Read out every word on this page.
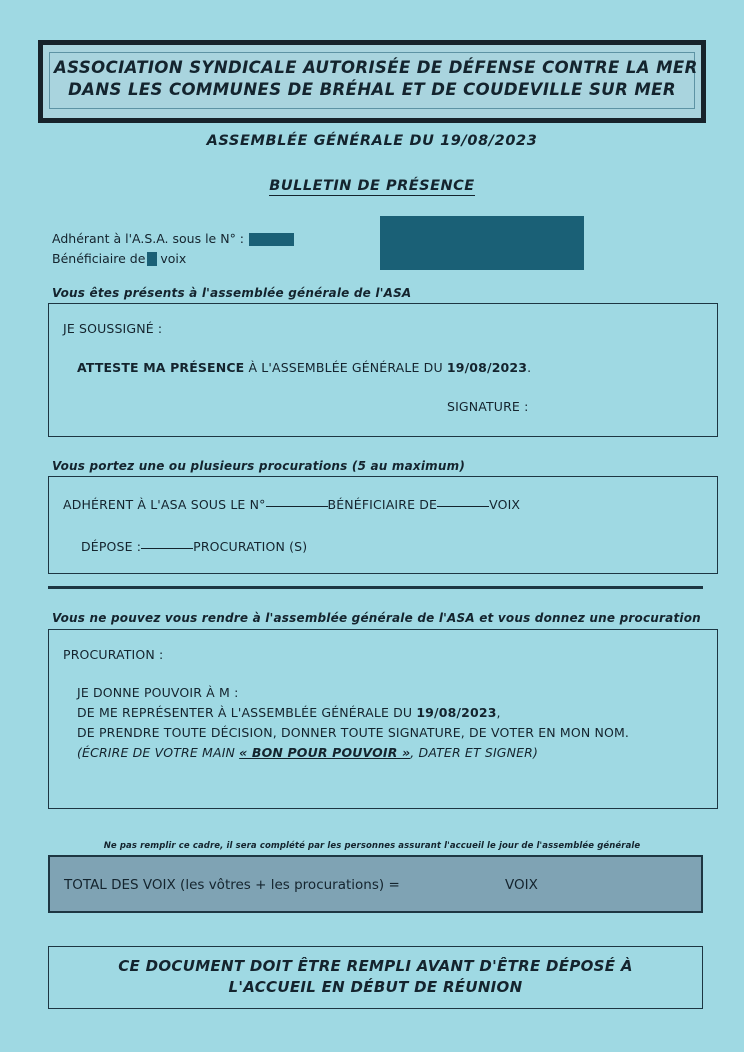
ASSOCIATION SYNDICALE AUTORISÉE DE DÉFENSE CONTRE LA MER
DANS LES COMMUNES DE BRÉHAL ET DE COUDEVILLE SUR MER
ASSEMBLÉE GÉNÉRALE DU 19/08/2023
BULLETIN DE PRÉSENCE
Adhérant à l'A.S.A. sous le N° :
Bénéficiaire de voix
Vous êtes présents à l'assemblée générale de l'ASA
JE SOUSSIGNÉ :
ATTESTE MA PRÉSENCE À L'ASSEMBLÉE GÉNÉRALE DU 19/08/2023.
SIGNATURE :
Vous portez une ou plusieurs procurations (5 au maximum)
ADHÉRENT À L'ASA SOUS LE N°	BÉNÉFICIAIRE DE	VOIX
DÉPOSE :	PROCURATION (S)
Vous ne pouvez vous rendre à l'assemblée générale de l'ASA et vous donnez une procuration
PROCURATION :
JE DONNE POUVOIR À M :
DE ME REPRÉSENTER À L'ASSEMBLÉE GÉNÉRALE DU 19/08/2023,
DE PRENDRE TOUTE DÉCISION, DONNER TOUTE SIGNATURE, DE VOTER EN MON NOM.
(ÉCRIRE DE VOTRE MAIN « BON POUR POUVOIR », DATER ET SIGNER)
Ne pas remplir ce cadre, il sera complété par les personnes assurant l'accueil le jour de l'assemblée générale
TOTAL DES VOIX (les vôtres + les procurations) =	VOIX
CE DOCUMENT DOIT ÊTRE REMPLI AVANT D'ÊTRE DÉPOSÉ À
L'ACCUEIL EN DÉBUT DE RÉUNION
